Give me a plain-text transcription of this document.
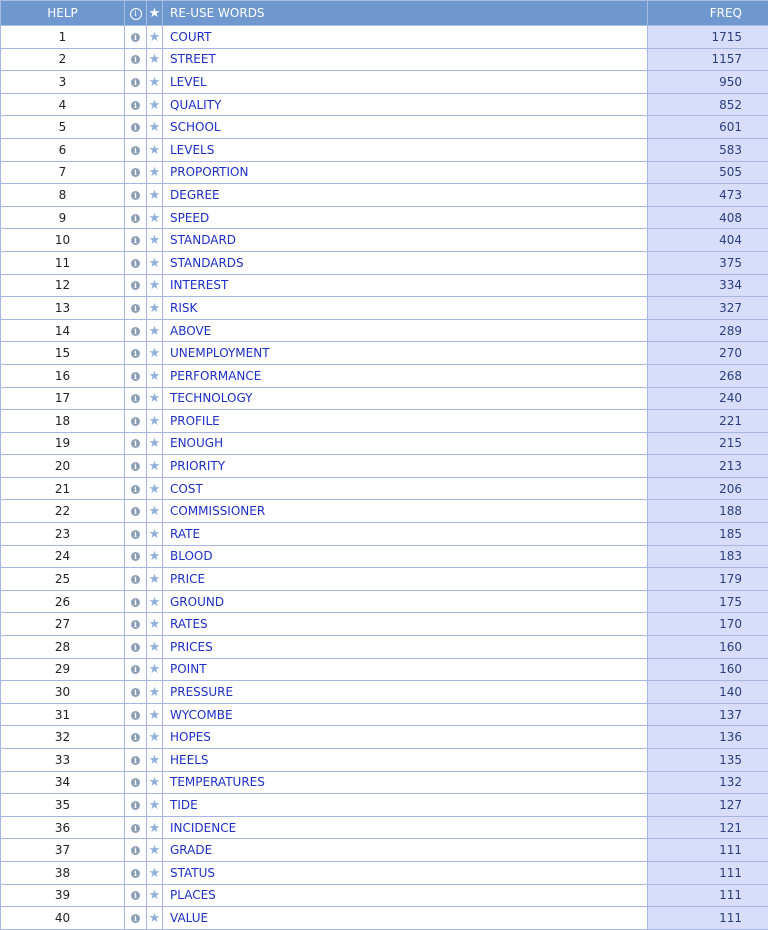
HELP	i	★	RE-USE WORDS	FREQ
1	i	★	COURT	1715
2	i	★	STREET	1157
3	i	★	LEVEL	950
4	i	★	QUALITY	852
5	i	★	SCHOOL	601
6	i	★	LEVELS	583
7	i	★	PROPORTION	505
8	i	★	DEGREE	473
9	i	★	SPEED	408
10	i	★	STANDARD	404
11	i	★	STANDARDS	375
12	i	★	INTEREST	334
13	i	★	RISK	327
14	i	★	ABOVE	289
15	i	★	UNEMPLOYMENT	270
16	i	★	PERFORMANCE	268
17	i	★	TECHNOLOGY	240
18	i	★	PROFILE	221
19	i	★	ENOUGH	215
20	i	★	PRIORITY	213
21	i	★	COST	206
22	i	★	COMMISSIONER	188
23	i	★	RATE	185
24	i	★	BLOOD	183
25	i	★	PRICE	179
26	i	★	GROUND	175
27	i	★	RATES	170
28	i	★	PRICES	160
29	i	★	POINT	160
30	i	★	PRESSURE	140
31	i	★	WYCOMBE	137
32	i	★	HOPES	136
33	i	★	HEELS	135
34	i	★	TEMPERATURES	132
35	i	★	TIDE	127
36	i	★	INCIDENCE	121
37	i	★	GRADE	111
38	i	★	STATUS	111
39	i	★	PLACES	111
40	i	★	VALUE	111
